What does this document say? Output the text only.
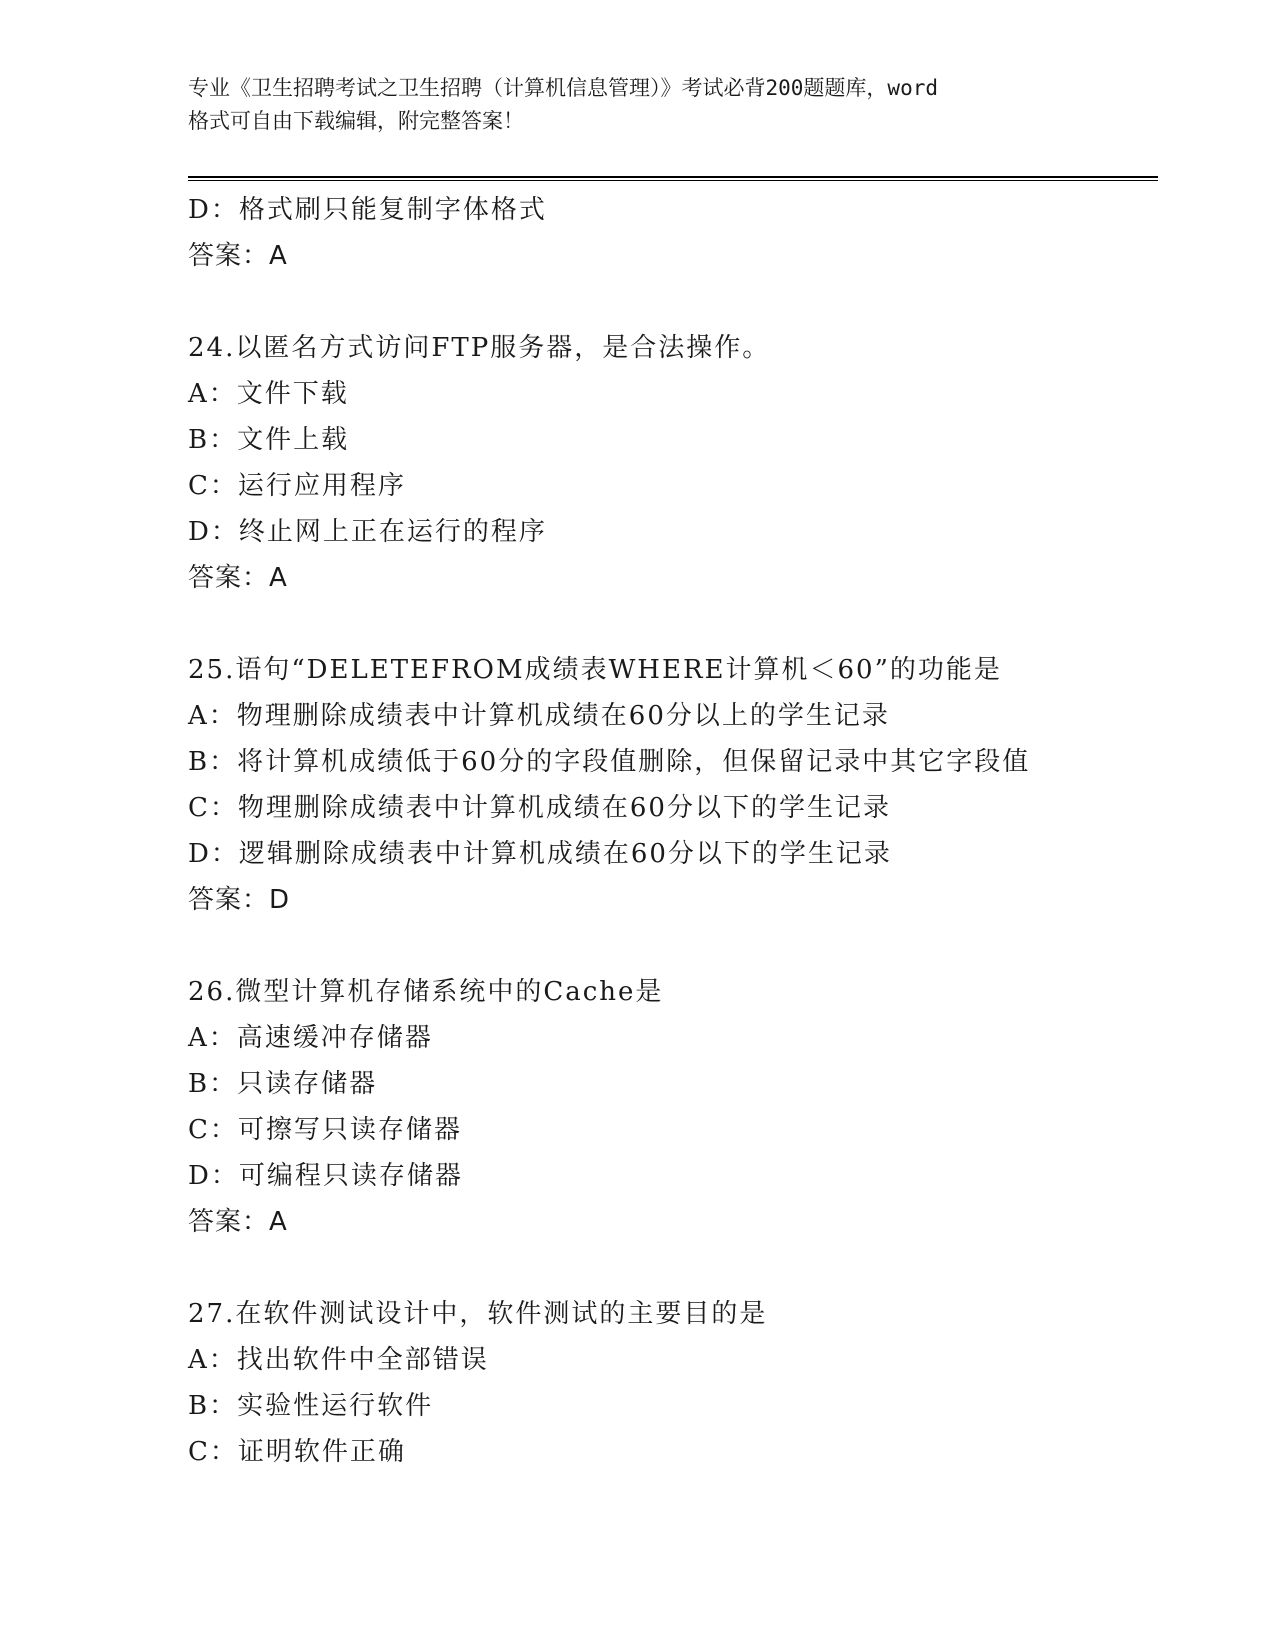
专业《卫生招聘考试之卫生招聘（计算机信息管理）》考试必背200题题库，word
格式可自由下载编辑，附完整答案！
D：格式刷只能复制字体格式
答案：A
24.以匿名方式访问FTP服务器，是合法操作。
A：文件下载
B：文件上载
C：运行应用程序
D：终止网上正在运行的程序
答案：A
25.语句“DELETEFROM成绩表WHERE计算机＜60”的功能是
A：物理删除成绩表中计算机成绩在60分以上的学生记录
B：将计算机成绩低于60分的字段值删除，但保留记录中其它字段值
C：物理删除成绩表中计算机成绩在60分以下的学生记录
D：逻辑删除成绩表中计算机成绩在60分以下的学生记录
答案：D
26.微型计算机存储系统中的Cache是
A：高速缓冲存储器
B：只读存储器
C：可擦写只读存储器
D：可编程只读存储器
答案：A
27.在软件测试设计中，软件测试的主要目的是
A：找出软件中全部错误
B：实验性运行软件
C：证明软件正确
